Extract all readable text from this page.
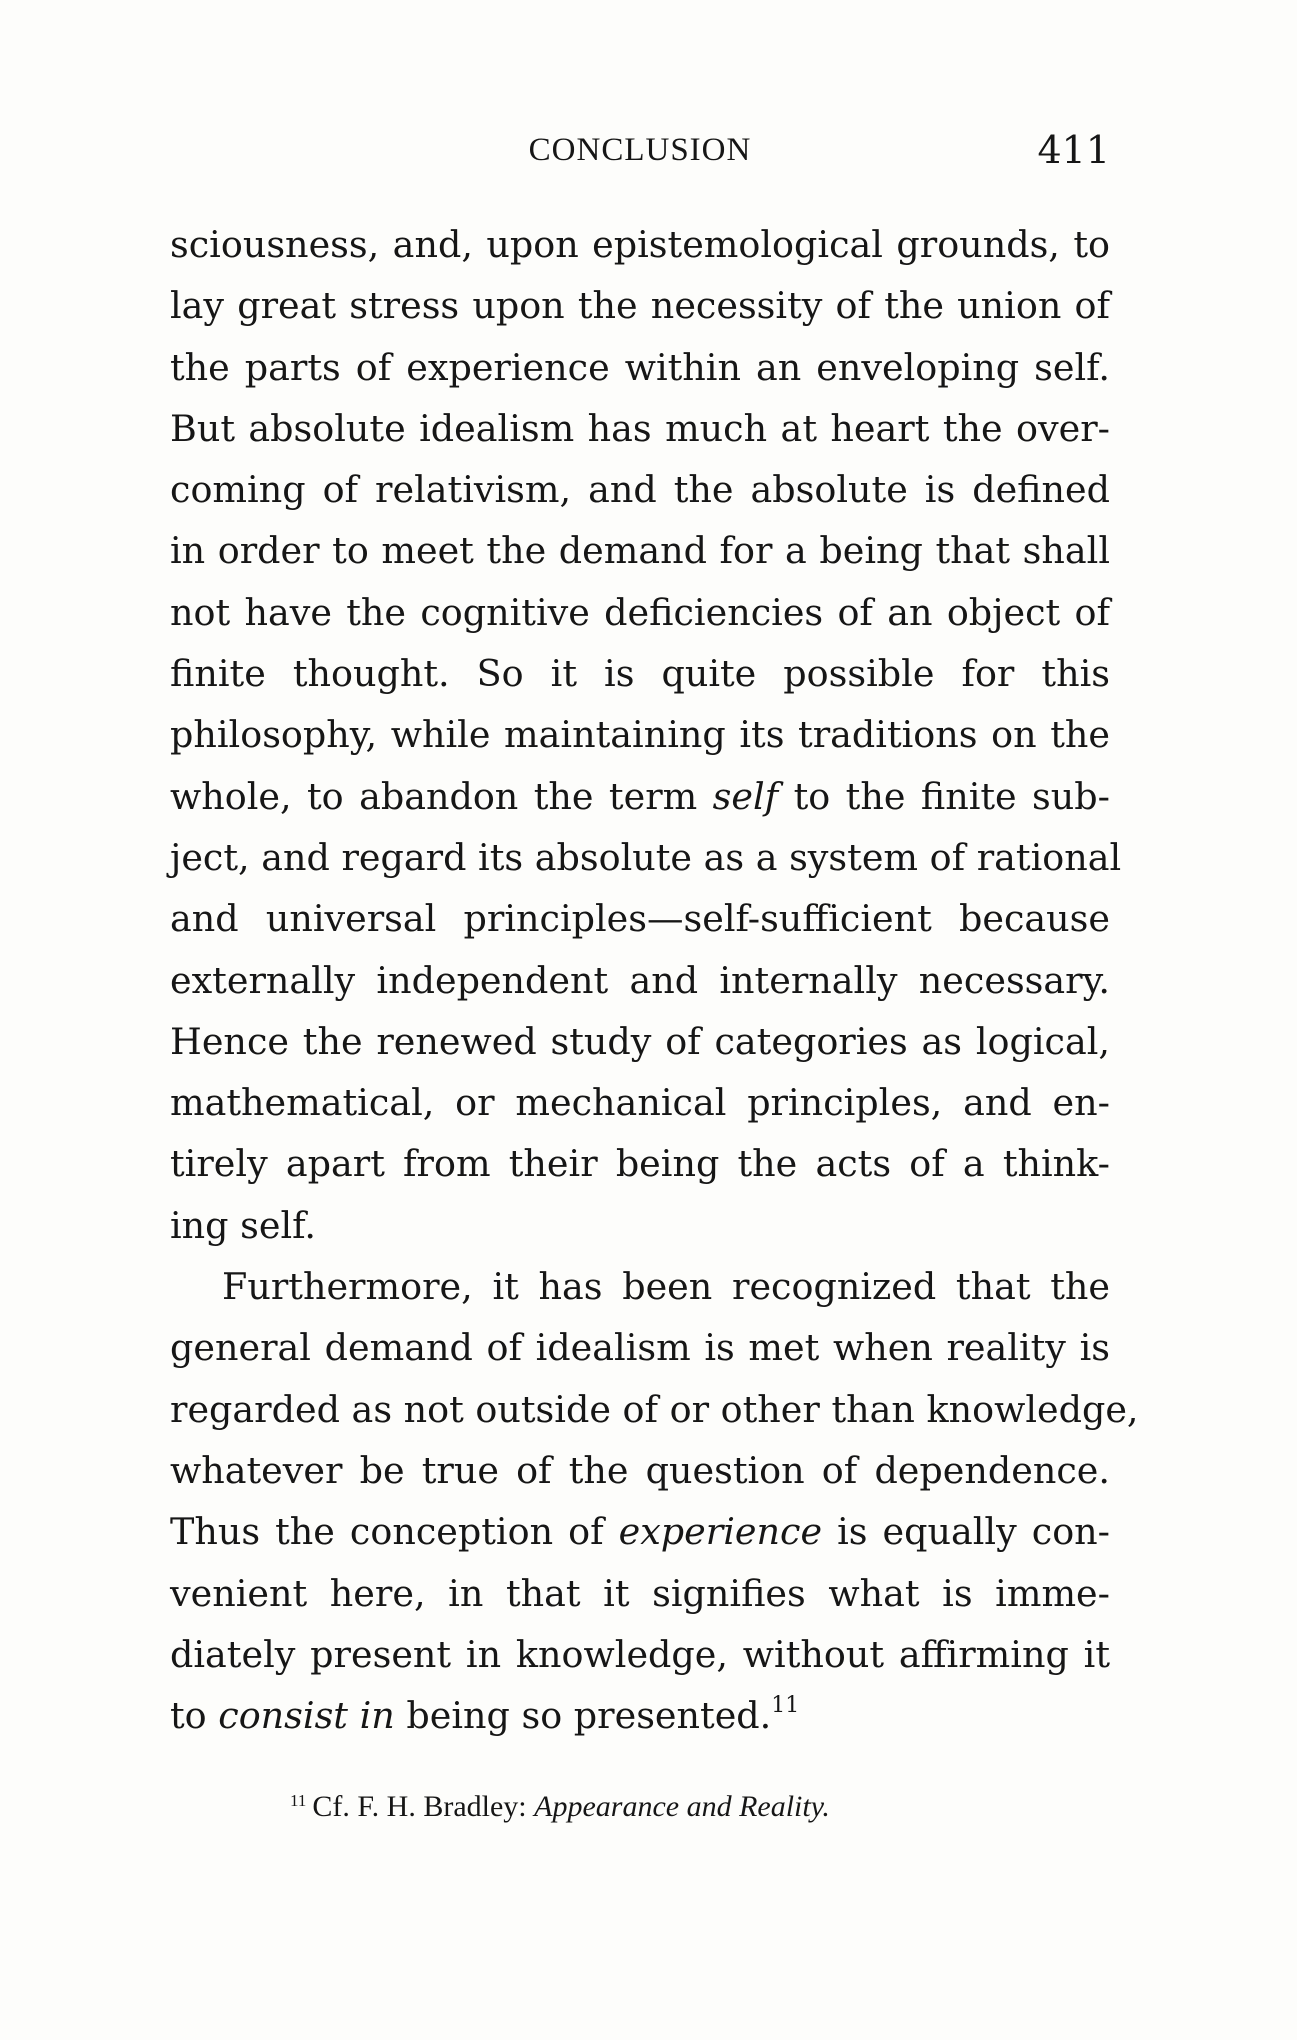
CONCLUSION	411
sciousness, and, upon epistemological grounds, to
lay great stress upon the necessity of the union of
the parts of experience within an enveloping self.
But absolute idealism has much at heart the over-
coming of relativism, and the absolute is defined
in order to meet the demand for a being that shall
not have the cognitive deficiencies of an object of
finite thought. So it is quite possible for this
philosophy, while maintaining its traditions on the
whole, to abandon the term self to the finite sub-
ject, and regard its absolute as a system of rational
and universal principles—self-sufficient because
externally independent and internally necessary.
Hence the renewed study of categories as logical,
mathematical, or mechanical principles, and en-
tirely apart from their being the acts of a think-
ing self.
Furthermore, it has been recognized that the
general demand of idealism is met when reality is
regarded as not outside of or other than knowledge,
whatever be true of the question of dependence.
Thus the conception of experience is equally con-
venient here, in that it signifies what is imme-
diately present in knowledge, without affirming it
to consist in being so presented.$^{11}$
$^{11}$ Cf. F. H. Bradley: Appearance and Reality.
